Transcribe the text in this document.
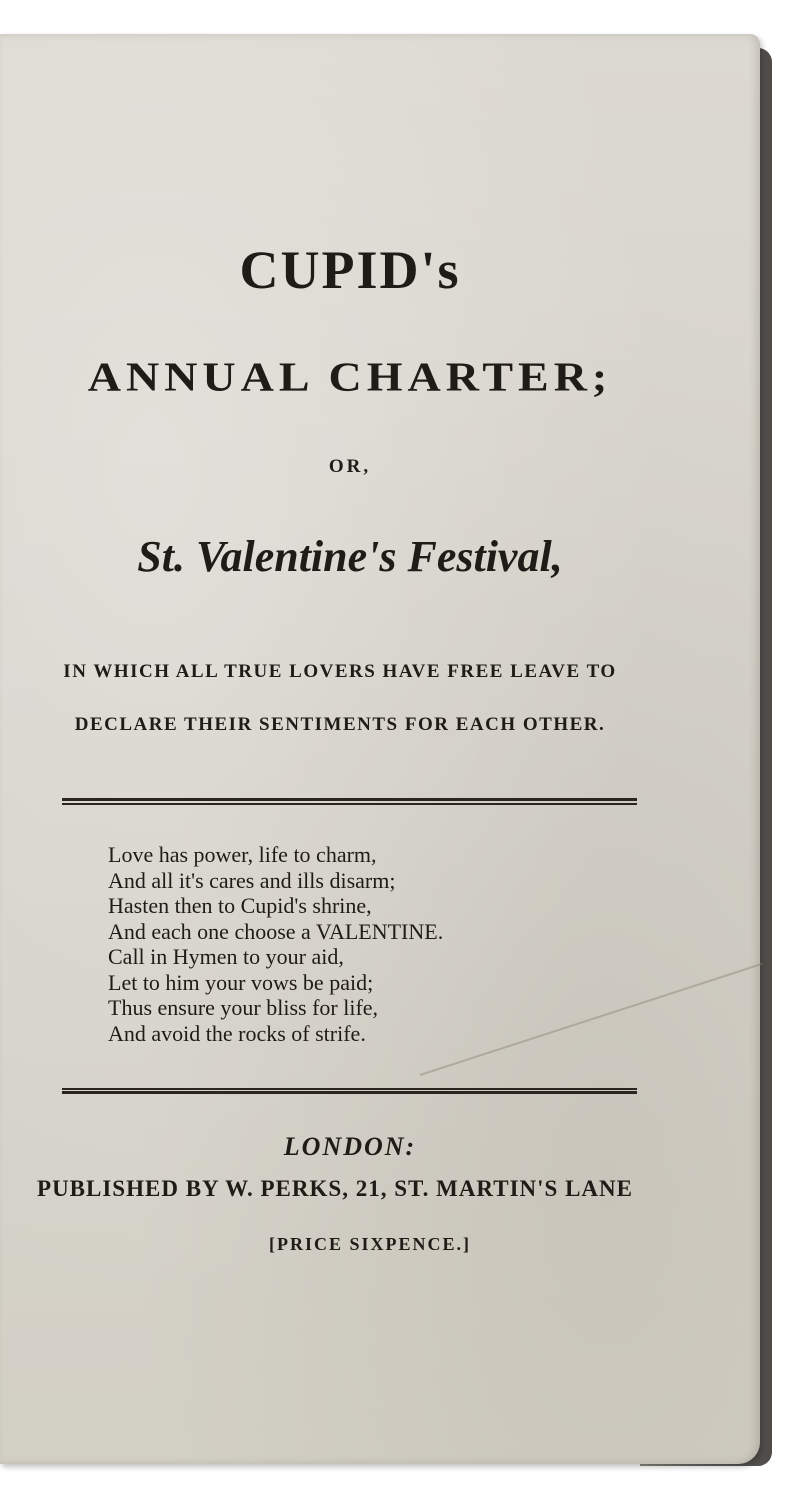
CUPID's
ANNUAL CHARTER;
OR,
St. Valentine's Festival,
IN WHICH ALL TRUE LOVERS HAVE FREE LEAVE TO
DECLARE THEIR SENTIMENTS FOR EACH OTHER.
Love has power, life to charm,
And all it's cares and ills disarm;
Hasten then to Cupid's shrine,
And each one choose a VALENTINE.
Call in Hymen to your aid,
Let to him your vows be paid;
Thus ensure your bliss for life,
And avoid the rocks of strife.
LONDON:
PUBLISHED BY W. PERKS, 21, ST. MARTIN'S LANE
[PRICE SIXPENCE.]
